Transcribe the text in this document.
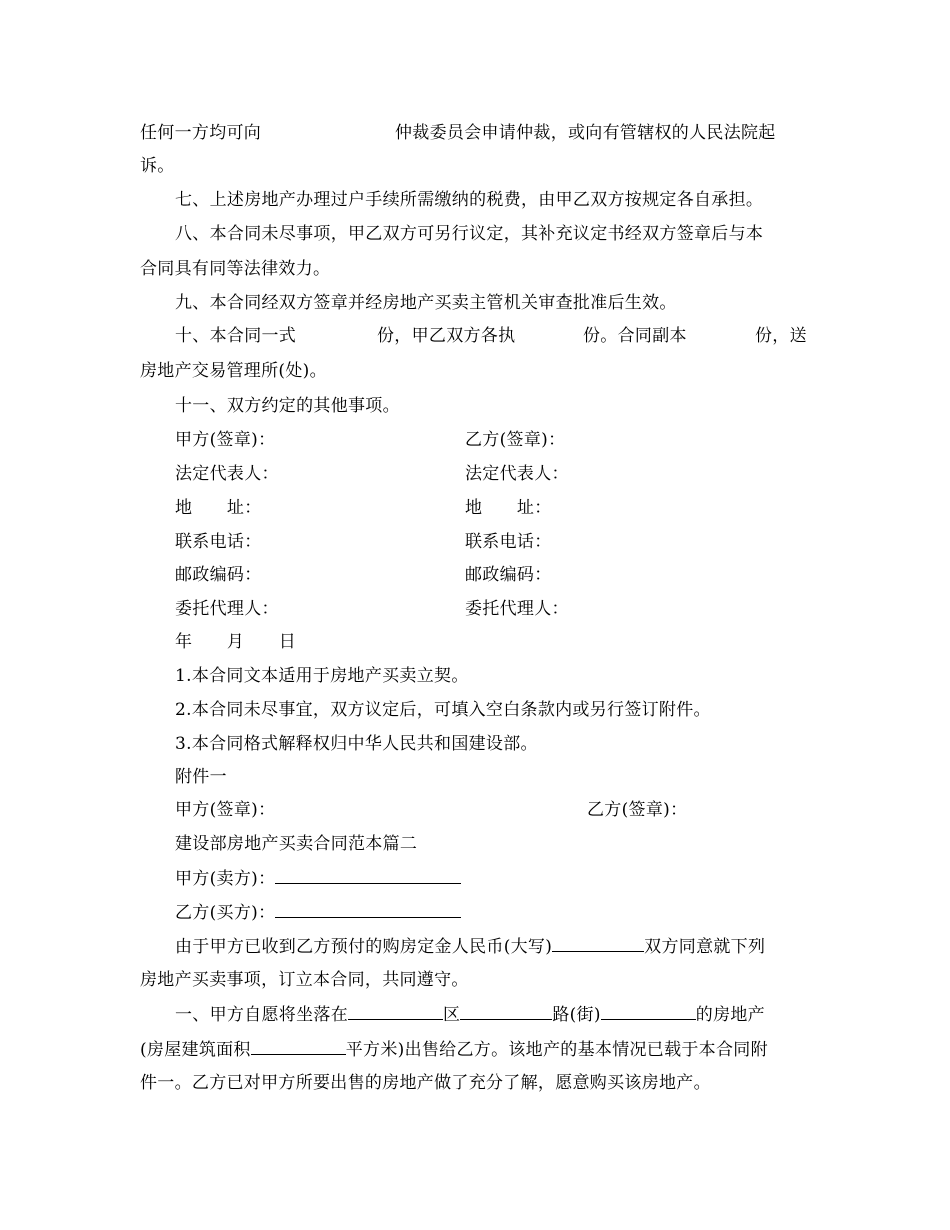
任何一方均可向	仲裁委员会申请仲裁，或向有管辖权的人民法院起
诉。
七、上述房地产办理过户手续所需缴纳的税费，由甲乙双方按规定各自承担。
八、本合同未尽事项，甲乙双方可另行议定，其补充议定书经双方签章后与本
合同具有同等法律效力。
九、本合同经双方签章并经房地产买卖主管机关审查批准后生效。
十、本合同一式	份，甲乙双方各执	份。合同副本	份，送
房地产交易管理所(处)。
十一、双方约定的其他事项。
甲方(签章)：	乙方(签章)：
法定代表人：	法定代表人：
地　　址：	地　　址：
联系电话：	联系电话：
邮政编码：	邮政编码：
委托代理人：	委托代理人：
年　　月　　日
1.本合同文本适用于房地产买卖立契。
2.本合同未尽事宜，双方议定后，可填入空白条款内或另行签订附件。
3.本合同格式解释权归中华人民共和国建设部。
附件一
甲方(签章)：	乙方(签章)：
建设部房地产买卖合同范本篇二
甲方(卖方)：
乙方(买方)：
由于甲方已收到乙方预付的购房定金人民币(大写)	双方同意就下列
房地产买卖事项，订立本合同，共同遵守。
一、甲方自愿将坐落在	区	路(街)	的房地产
(房屋建筑面积	平方米)出售给乙方。该地产的基本情况已载于本合同附
件一。乙方已对甲方所要出售的房地产做了充分了解，愿意购买该房地产。
